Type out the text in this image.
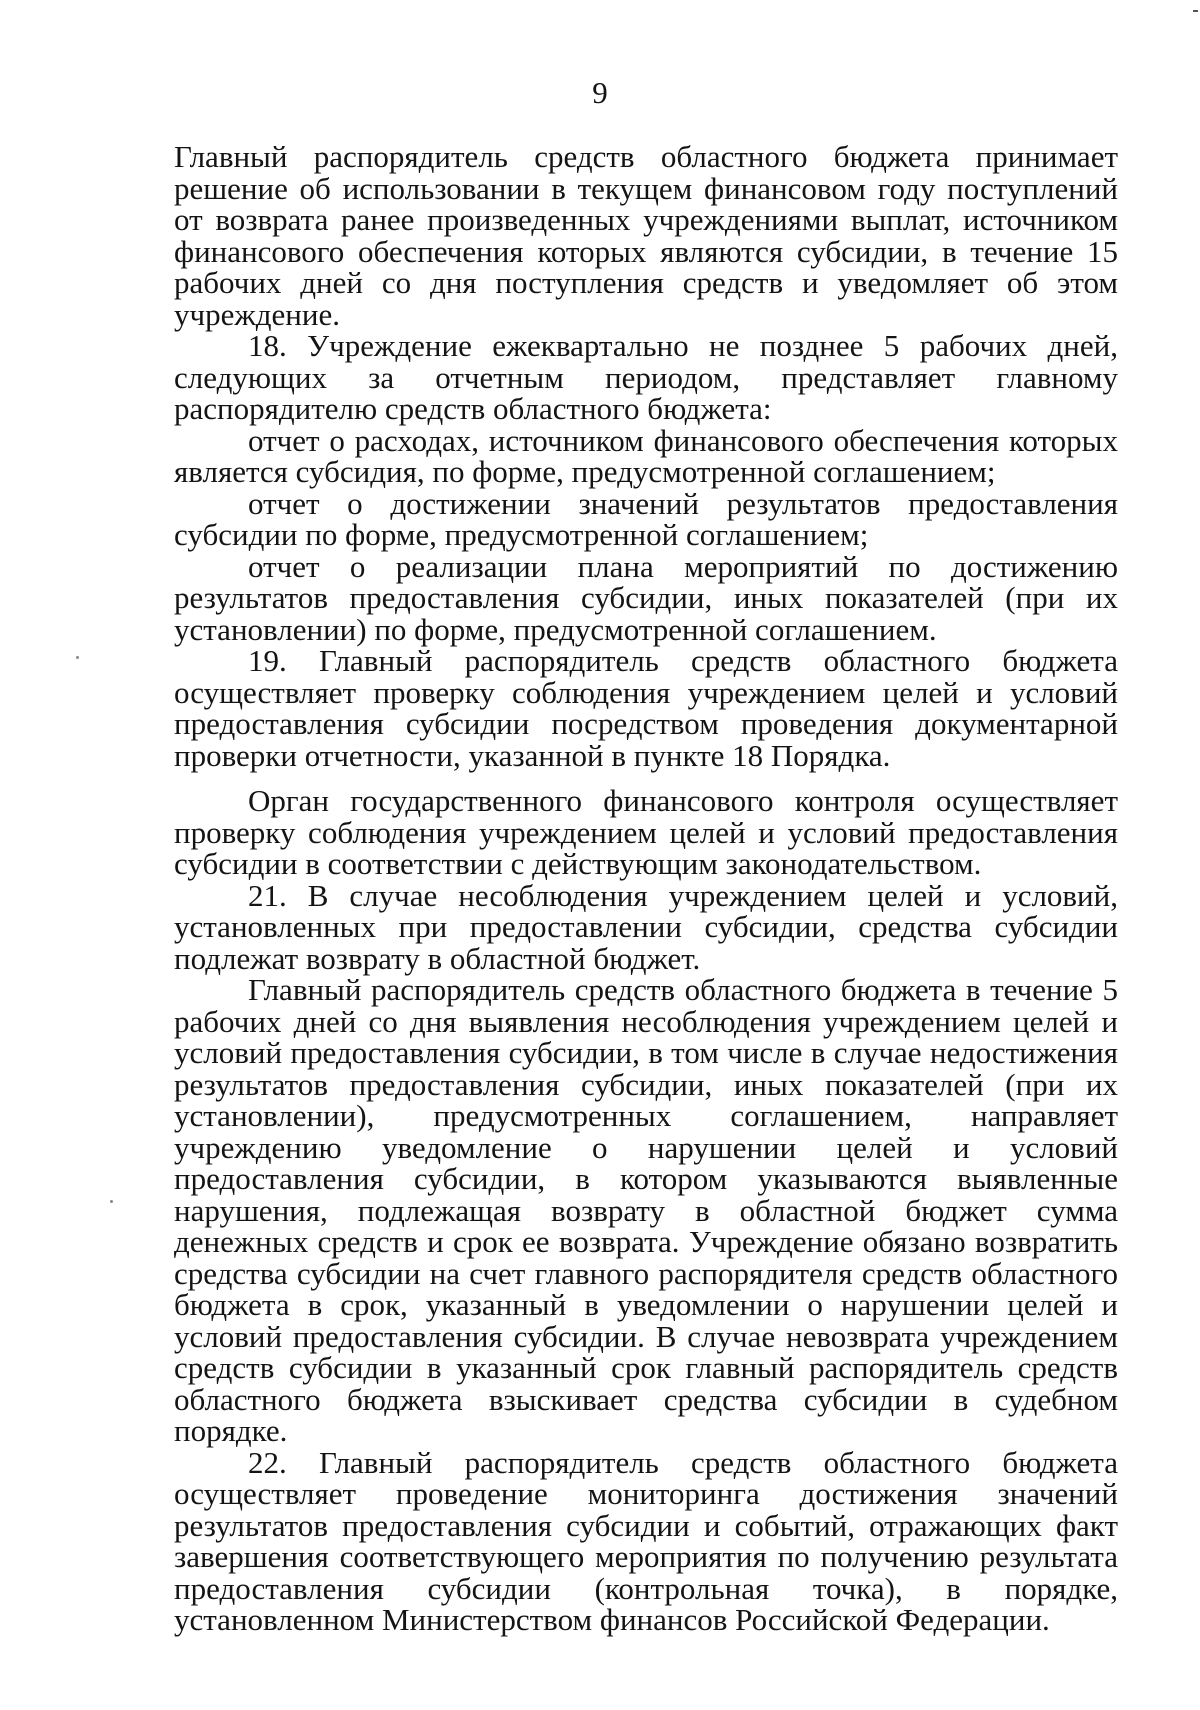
9

Главный распорядитель средств областного бюджета принимает решение об использовании в текущем финансовом году поступлений от возврата ранее произведенных учреждениями выплат, источником финансового обеспечения которых являются субсидии, в течение 15 рабочих дней со дня поступления средств и уведомляет об этом учреждение.

18. Учреждение ежеквартально не позднее 5 рабочих дней, следующих за отчетным периодом, представляет главному распорядителю средств областного бюджета:

отчет о расходах, источником финансового обеспечения которых является субсидия, по форме, предусмотренной соглашением;

отчет о достижении значений результатов предоставления субсидии по форме, предусмотренной соглашением;

отчет о реализации плана мероприятий по достижению результатов предоставления субсидии, иных показателей (при их установлении) по форме, предусмотренной соглашением.

19. Главный распорядитель средств областного бюджета осуществляет проверку соблюдения учреждением целей и условий предоставления субсидии посредством проведения документарной проверки отчетности, указанной в пункте 18 Порядка.

Орган государственного финансового контроля осуществляет проверку соблюдения учреждением целей и условий предоставления субсидии в соответствии с действующим законодательством.

21. В случае несоблюдения учреждением целей и условий, установленных при предоставлении субсидии, средства субсидии подлежат возврату в областной бюджет.

Главный распорядитель средств областного бюджета в течение 5 рабочих дней со дня выявления несоблюдения учреждением целей и условий предоставления субсидии, в том числе в случае недостижения результатов предоставления субсидии, иных показателей (при их установлении), предусмотренных соглашением, направляет учреждению уведомление о нарушении целей и условий предоставления субсидии, в котором указываются выявленные нарушения, подлежащая возврату в областной бюджет сумма денежных средств и срок ее возврата. Учреждение обязано возвратить средства субсидии на счет главного распорядителя средств областного бюджета в срок, указанный в уведомлении о нарушении целей и условий предоставления субсидии. В случае невозврата учреждением средств субсидии в указанный срок главный распорядитель средств областного бюджета взыскивает средства субсидии в судебном порядке.

22. Главный распорядитель средств областного бюджета осуществляет проведение мониторинга достижения значений результатов предоставления субсидии и событий, отражающих факт завершения соответствующего мероприятия по получению результата предоставления субсидии (контрольная точка), в порядке, установленном Министерством финансов Российской Федерации.
